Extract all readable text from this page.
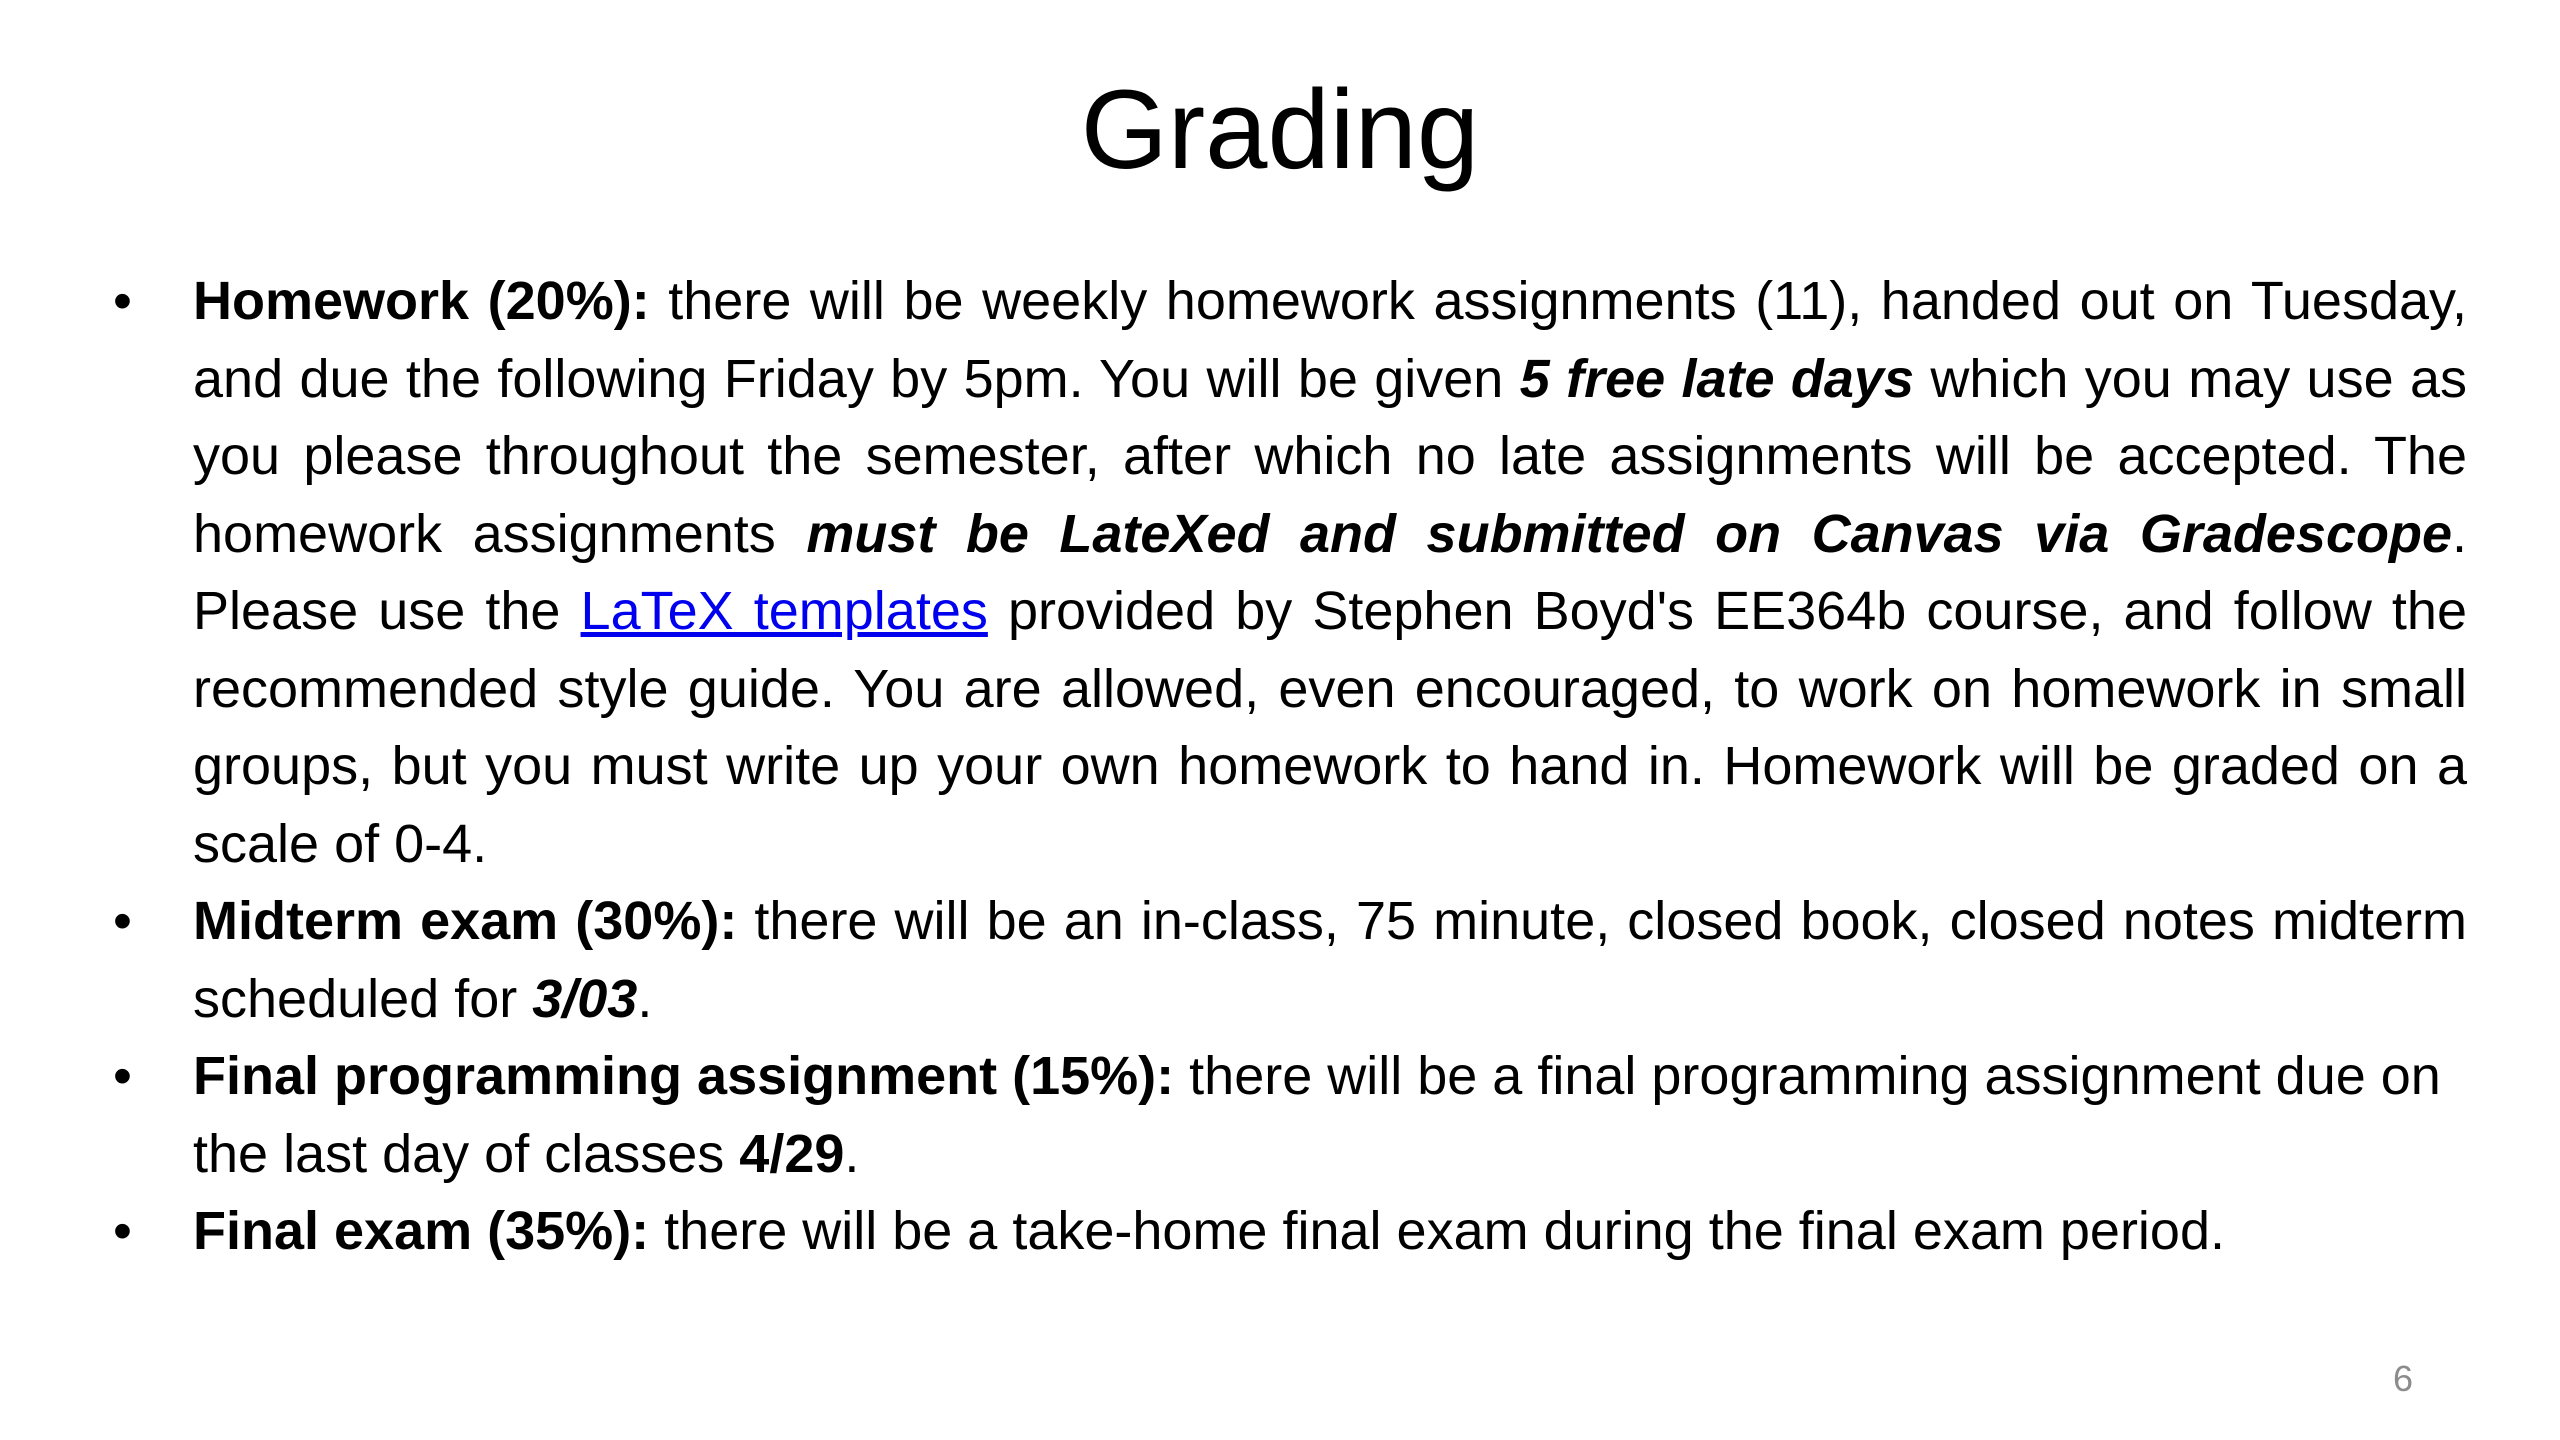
Grading
• Homework (20%): there will be weekly homework assignments (11), handed out on Tuesday, and due the following Friday by 5pm. You will be given 5 free late days which you may use as you please throughout the semester, after which no late assignments will be accepted. The homework assignments must be LateXed and submitted on Canvas via Gradescope. Please use the LaTeX templates provided by Stephen Boyd's EE364b course, and follow the recommended style guide. You are allowed, even encouraged, to work on homework in small groups, but you must write up your own homework to hand in. Homework will be graded on a scale of 0-4.
• Midterm exam (30%): there will be an in-class, 75 minute, closed book, closed notes midterm scheduled for 3/03.
• Final programming assignment (15%): there will be a final programming assignment due on the last day of classes 4/29.
• Final exam (35%): there will be a take-home final exam during the final exam period.
6
